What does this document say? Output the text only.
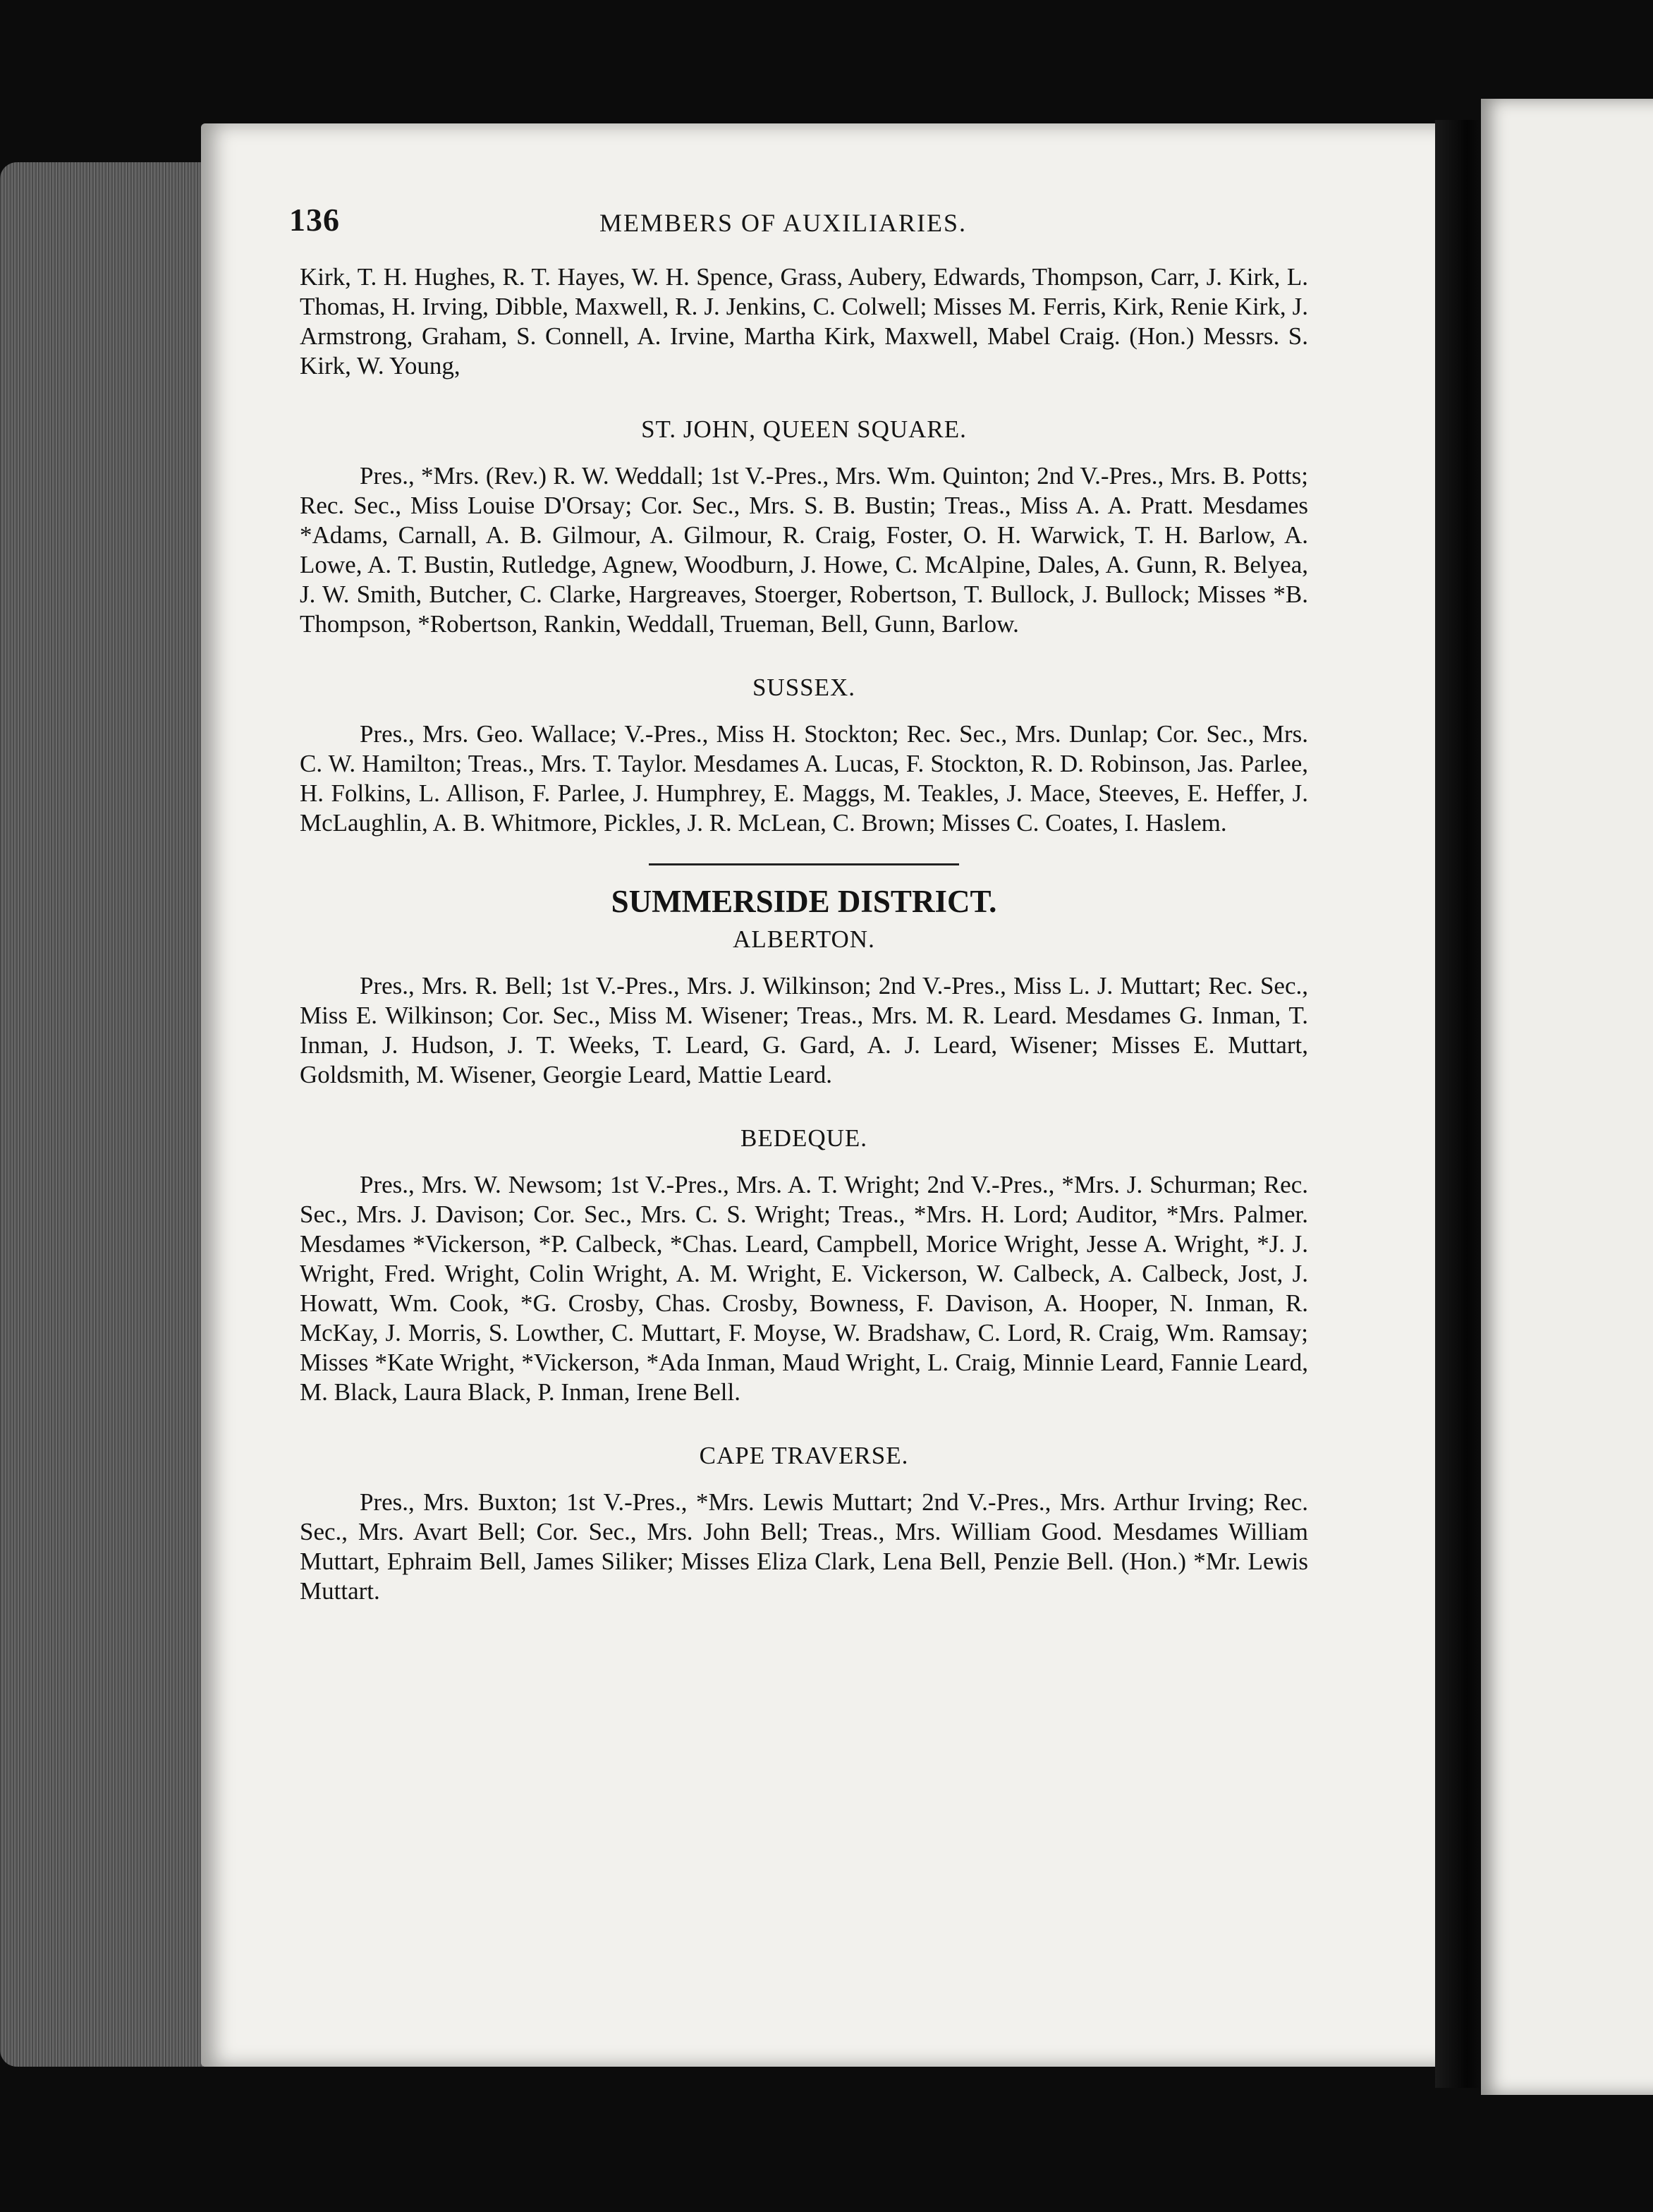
136	MEMBERS OF AUXILIARIES.

Kirk, T. H. Hughes, R. T. Hayes, W. H. Spence, Grass, Aubery, Edwards, Thompson, Carr, J. Kirk, L. Thomas, H. Irving, Dibble, Maxwell, R. J. Jenkins, C. Colwell; Misses M. Ferris, Kirk, Renie Kirk, J. Armstrong, Graham, S. Connell, A. Irvine, Martha Kirk, Maxwell, Mabel Craig. (Hon.) Messrs. S. Kirk, W. Young,

ST. JOHN, QUEEN SQUARE.

Pres., *Mrs. (Rev.) R. W. Weddall; 1st V.-Pres., Mrs. Wm. Quinton; 2nd V.-Pres., Mrs. B. Potts; Rec. Sec., Miss Louise D'Orsay; Cor. Sec., Mrs. S. B. Bustin; Treas., Miss A. A. Pratt. Mesdames *Adams, Carnall, A. B. Gilmour, A. Gilmour, R. Craig, Foster, O. H. Warwick, T. H. Barlow, A. Lowe, A. T. Bustin, Rutledge, Agnew, Woodburn, J. Howe, C. McAlpine, Dales, A. Gunn, R. Belyea, J. W. Smith, Butcher, C. Clarke, Hargreaves, Stoerger, Robertson, T. Bullock, J. Bullock; Misses *B. Thompson, *Robertson, Rankin, Weddall, Trueman, Bell, Gunn, Barlow.

SUSSEX.

Pres., Mrs. Geo. Wallace; V.-Pres., Miss H. Stockton; Rec. Sec., Mrs. Dunlap; Cor. Sec., Mrs. C. W. Hamilton; Treas., Mrs. T. Taylor. Mesdames A. Lucas, F. Stockton, R. D. Robinson, Jas. Parlee, H. Folkins, L. Allison, F. Parlee, J. Humphrey, E. Maggs, M. Teakles, J. Mace, Steeves, E. Heffer, J. McLaughlin, A. B. Whitmore, Pickles, J. R. McLean, C. Brown; Misses C. Coates, I. Haslem.

SUMMERSIDE DISTRICT.
ALBERTON.

Pres., Mrs. R. Bell; 1st V.-Pres., Mrs. J. Wilkinson; 2nd V.-Pres., Miss L. J. Muttart; Rec. Sec., Miss E. Wilkinson; Cor. Sec., Miss M. Wisener; Treas., Mrs. M. R. Leard. Mesdames G. Inman, T. Inman, J. Hudson, J. T. Weeks, T. Leard, G. Gard, A. J. Leard, Wisener; Misses E. Muttart, Goldsmith, M. Wisener, Georgie Leard, Mattie Leard.

BEDEQUE.

Pres., Mrs. W. Newsom; 1st V.-Pres., Mrs. A. T. Wright; 2nd V.-Pres., *Mrs. J. Schurman; Rec. Sec., Mrs. J. Davison; Cor. Sec., Mrs. C. S. Wright; Treas., *Mrs. H. Lord; Auditor, *Mrs. Palmer. Mesdames *Vickerson, *P. Calbeck, *Chas. Leard, Campbell, Morice Wright, Jesse A. Wright, *J. J. Wright, Fred. Wright, Colin Wright, A. M. Wright, E. Vickerson, W. Calbeck, A. Calbeck, Jost, J. Howatt, Wm. Cook, *G. Crosby, Chas. Crosby, Bowness, F. Davison, A. Hooper, N. Inman, R. McKay, J. Morris, S. Lowther, C. Muttart, F. Moyse, W. Bradshaw, C. Lord, R. Craig, Wm. Ramsay; Misses *Kate Wright, *Vickerson, *Ada Inman, Maud Wright, L. Craig, Minnie Leard, Fannie Leard, M. Black, Laura Black, P. Inman, Irene Bell.

CAPE TRAVERSE.

Pres., Mrs. Buxton; 1st V.-Pres., *Mrs. Lewis Muttart; 2nd V.-Pres., Mrs. Arthur Irving; Rec. Sec., Mrs. Avart Bell; Cor. Sec., Mrs. John Bell; Treas., Mrs. William Good. Mesdames William Muttart, Ephraim Bell, James Siliker; Misses Eliza Clark, Lena Bell, Penzie Bell. (Hon.) *Mr. Lewis Muttart.
